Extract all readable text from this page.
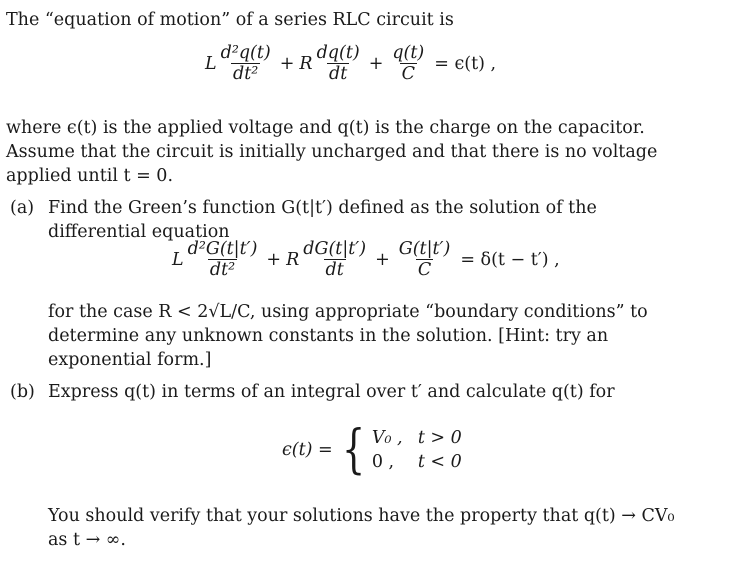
The “equation of motion” of a series RLC circuit is

L $\frac{\text{d²q(t)}}{\text{dt²}} + R \frac{dq(t)}{dt} + \frac{q(t)}{C} = \epsilon(t)$ ,

where ϵ(t) is the applied voltage and q(t) is the charge on the capacitor. Assume that the circuit is initially uncharged and that there is no voltage applied until t = 0.

(a) Find the Green’s function G(t|t′) defined as the solution of the differential equation

L $\frac{\text{d²G(t|t′)}}{\text{dt²}} + R \frac{dG(t|t')}{dt} + \frac{G(t|t')}{C} = \delta(t - t')$ ,

for the case R < 2√L/C, using appropriate “boundary conditions” to determine any unknown constants in the solution. [Hint: try an exponential form.]

(b) Express q(t) in terms of an integral over t′ and calculate q(t) for

ϵ(t) = { V₀ , t > 0
0 ,	t < 0

You should verify that your solutions have the property that q(t) → CV₀ as t → ∞.
